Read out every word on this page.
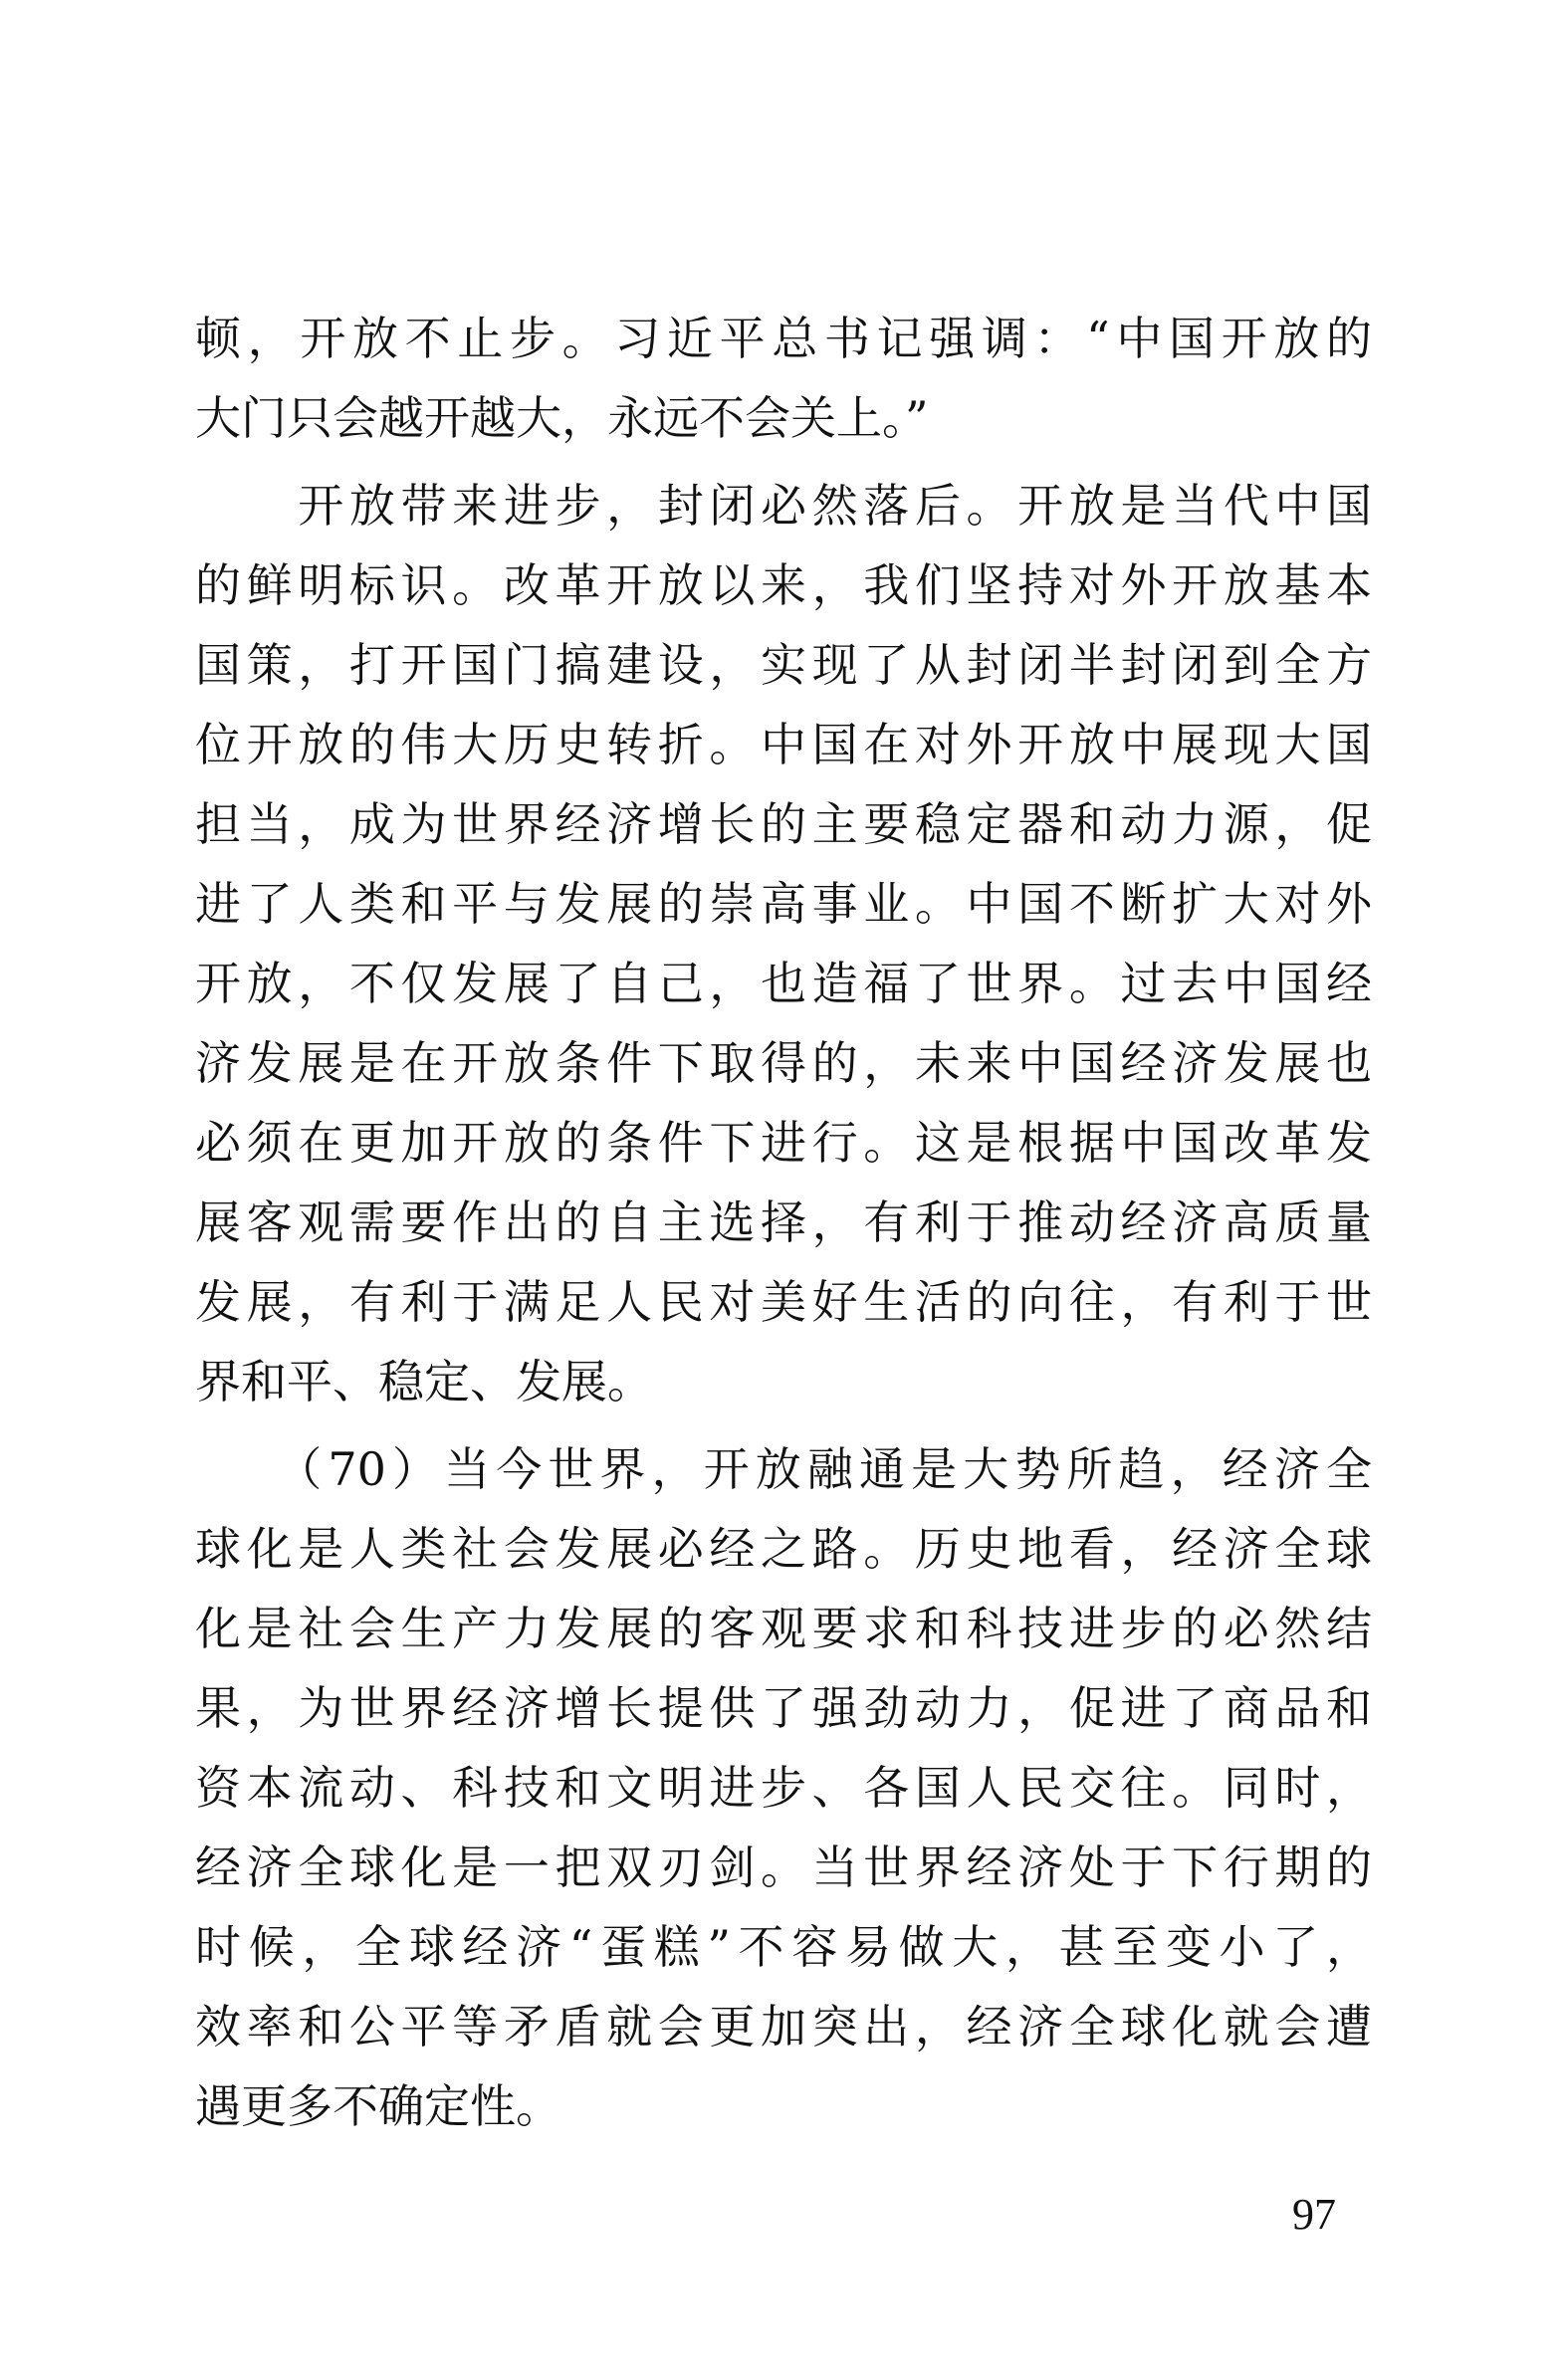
顿，开放不止步。习近平总书记强调：“中国开放的
大门只会越开越大，永远不会关上。”
　　开放带来进步，封闭必然落后。开放是当代中国
的鲜明标识。改革开放以来，我们坚持对外开放基本
国策，打开国门搞建设，实现了从封闭半封闭到全方
位开放的伟大历史转折。中国在对外开放中展现大国
担当，成为世界经济增长的主要稳定器和动力源，促
进了人类和平与发展的崇高事业。中国不断扩大对外
开放，不仅发展了自己，也造福了世界。过去中国经
济发展是在开放条件下取得的，未来中国经济发展也
必须在更加开放的条件下进行。这是根据中国改革发
展客观需要作出的自主选择，有利于推动经济高质量
发展，有利于满足人民对美好生活的向往，有利于世
界和平、稳定、发展。
　　（70）当今世界，开放融通是大势所趋，经济全
球化是人类社会发展必经之路。历史地看，经济全球
化是社会生产力发展的客观要求和科技进步的必然结
果，为世界经济增长提供了强劲动力，促进了商品和
资本流动、科技和文明进步、各国人民交往。同时，
经济全球化是一把双刃剑。当世界经济处于下行期的
时候，全球经济“蛋糕”不容易做大，甚至变小了，
效率和公平等矛盾就会更加突出，经济全球化就会遭
遇更多不确定性。
97
